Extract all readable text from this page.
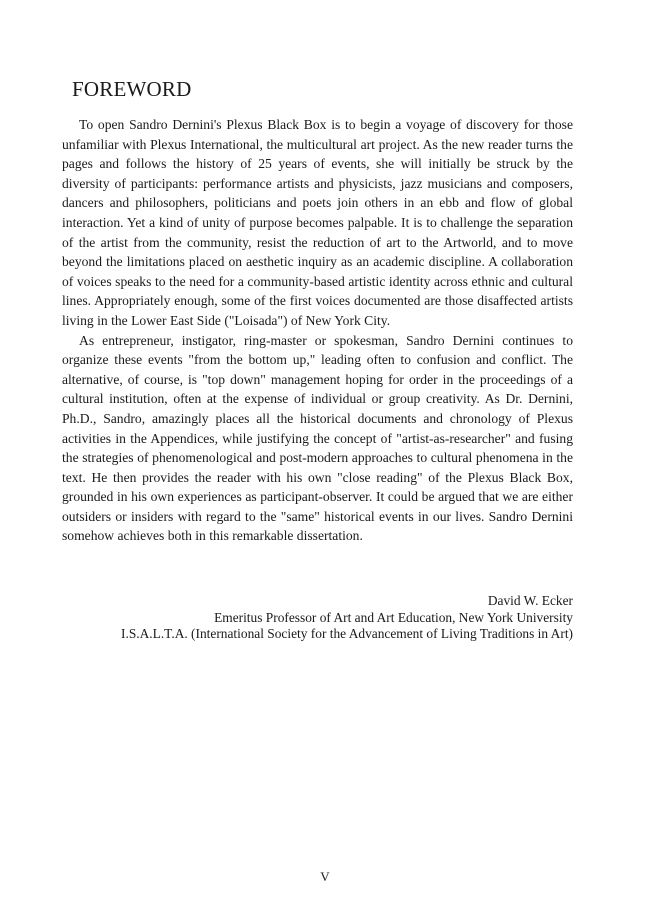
FOREWORD

To open Sandro Dernini's Plexus Black Box is to begin a voyage of discovery for those unfamiliar with Plexus International, the multicultural art project. As the new reader turns the pages and follows the history of 25 years of events, she will initially be struck by the diversity of participants: performance artists and physicists, jazz musicians and composers, dancers and philosophers, politicians and poets join others in an ebb and flow of global interaction. Yet a kind of unity of purpose becomes palpable. It is to challenge the separation of the artist from the community, resist the reduction of art to the Artworld, and to move beyond the limitations placed on aesthetic inquiry as an academic discipline. A collaboration of voices speaks to the need for a community-based artistic identity across ethnic and cultural lines. Appropriately enough, some of the first voices documented are those disaffected artists living in the Lower East Side ("Loisada") of New York City.

As entrepreneur, instigator, ring-master or spokesman, Sandro Dernini continues to organize these events "from the bottom up," leading often to confusion and conflict. The alternative, of course, is "top down" management hoping for order in the proceedings of a cultural institution, often at the expense of individual or group creativity. As Dr. Dernini, Ph.D., Sandro, amazingly places all the historical documents and chronology of Plexus activities in the Appendices, while justifying the concept of "artist-as-researcher" and fusing the strategies of phenomenological and post-modern approaches to cultural phenomena in the text. He then provides the reader with his own "close reading" of the Plexus Black Box, grounded in his own experiences as participant-observer. It could be argued that we are either outsiders or insiders with regard to the "same" historical events in our lives. Sandro Dernini somehow achieves both in this remarkable dissertation.

David W. Ecker
Emeritus Professor of Art and Art Education, New York University
I.S.A.L.T.A. (International Society for the Advancement of Living Traditions in Art)
V
